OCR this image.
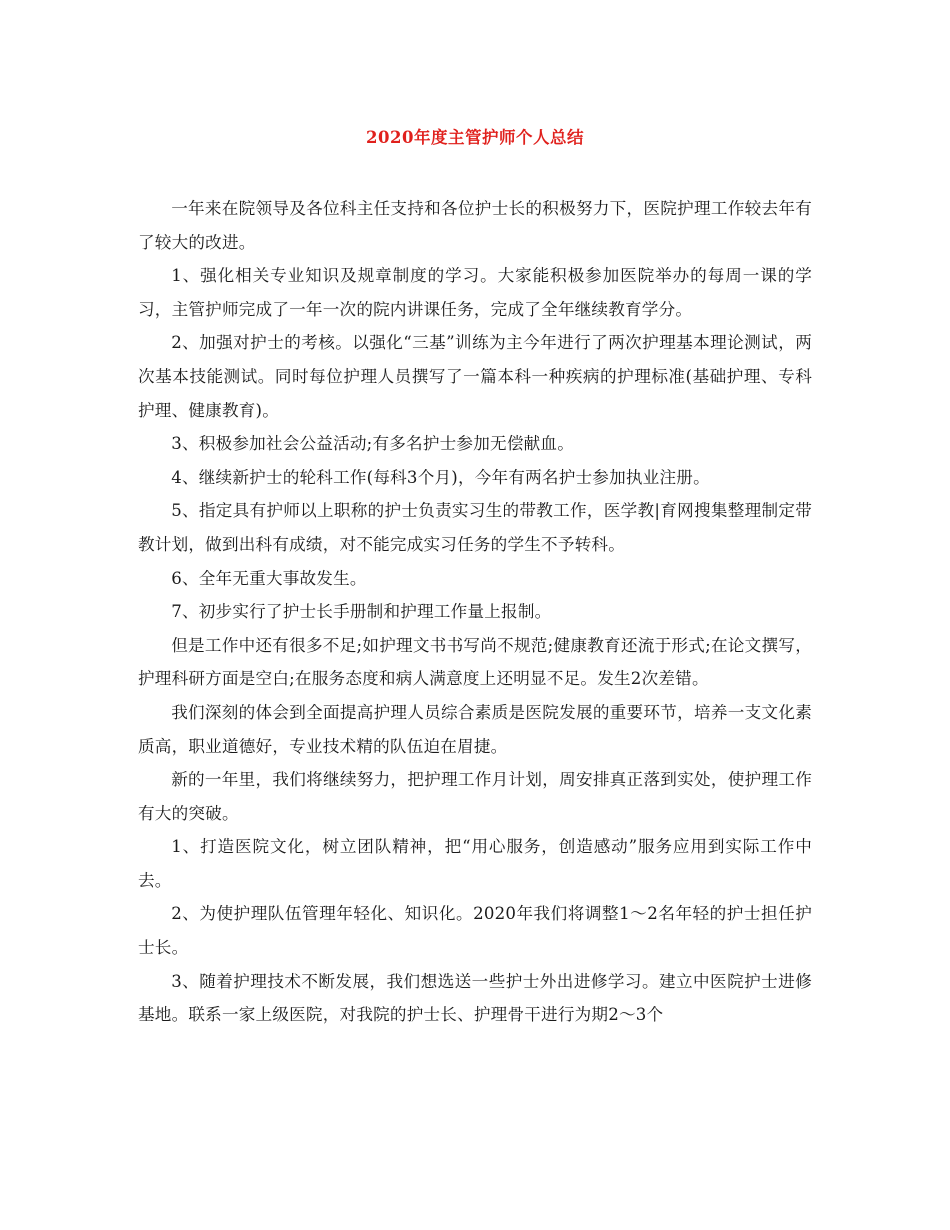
2020年度主管护师个人总结

一年来在院领导及各位科主任支持和各位护士长的积极努力下，医院护理工作较去年有了较大的改进。

1、强化相关专业知识及规章制度的学习。大家能积极参加医院举办的每周一课的学习，主管护师完成了一年一次的院内讲课任务，完成了全年继续教育学分。

2、加强对护士的考核。以强化“三基”训练为主今年进行了两次护理基本理论测试，两次基本技能测试。同时每位护理人员撰写了一篇本科一种疾病的护理标准(基础护理、专科护理、健康教育)。

3、积极参加社会公益活动;有多名护士参加无偿献血。

4、继续新护士的轮科工作(每科3个月)，今年有两名护士参加执业注册。

5、指定具有护师以上职称的护士负责实习生的带教工作，医学教|育网搜集整理制定带教计划，做到出科有成绩，对不能完成实习任务的学生不予转科。

6、全年无重大事故发生。

7、初步实行了护士长手册制和护理工作量上报制。

但是工作中还有很多不足;如护理文书书写尚不规范;健康教育还流于形式;在论文撰写，护理科研方面是空白;在服务态度和病人满意度上还明显不足。发生2次差错。

我们深刻的体会到全面提高护理人员综合素质是医院发展的重要环节，培养一支文化素质高，职业道德好，专业技术精的队伍迫在眉捷。

新的一年里，我们将继续努力，把护理工作月计划，周安排真正落到实处，使护理工作有大的突破。

1、打造医院文化，树立团队精神，把“用心服务，创造感动”服务应用到实际工作中去。

2、为使护理队伍管理年轻化、知识化。2020年我们将调整1～2名年轻的护士担任护士长。

3、随着护理技术不断发展，我们想选送一些护士外出进修学习。建立中医院护士进修基地。联系一家上级医院，对我院的护士长、护理骨干进行为期2～3个
